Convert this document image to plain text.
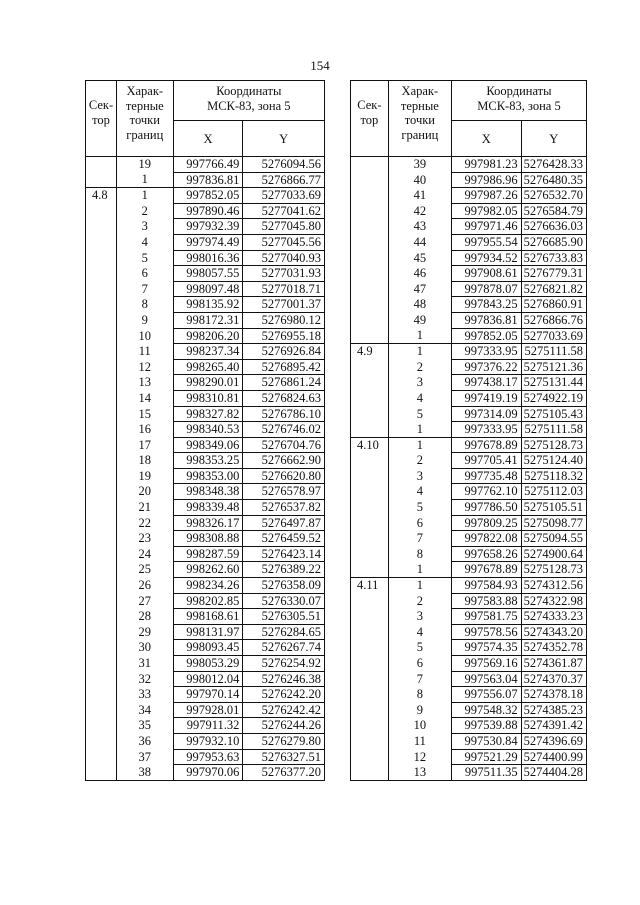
154
Сек-
тор	Харак-
терные
точки
границ	Координаты
МСК-83, зона 5	
		X	Y
	19	997766.49	5276094.56
	1	997836.81	5276866.77
4.8	1	997852.05	5277033.69
	2	997890.46	5277041.62
	3	997932.39	5277045.80
	4	997974.49	5277045.56
	5	998016.36	5277040.93
	6	998057.55	5277031.93
	7	998097.48	5277018.71
	8	998135.92	5277001.37
	9	998172.31	5276980.12
	10	998206.20	5276955.18
	11	998237.34	5276926.84
	12	998265.40	5276895.42
	13	998290.01	5276861.24
	14	998310.81	5276824.63
	15	998327.82	5276786.10
	16	998340.53	5276746.02
	17	998349.06	5276704.76
	18	998353.25	5276662.90
	19	998353.00	5276620.80
	20	998348.38	5276578.97
	21	998339.48	5276537.82
	22	998326.17	5276497.87
	23	998308.88	5276459.52
	24	998287.59	5276423.14
	25	998262.60	5276389.22
	26	998234.26	5276358.09
	27	998202.85	5276330.07
	28	998168.61	5276305.51
	29	998131.97	5276284.65
	30	998093.45	5276267.74
	31	998053.29	5276254.92
	32	998012.04	5276246.38
	33	997970.14	5276242.20
	34	997928.01	5276242.42
	35	997911.32	5276244.26
	36	997932.10	5276279.80
	37	997953.63	5276327.51
	38	997970.06	5276377.20
Сек-
тор	Харак-
терные
точки
границ	Координаты
МСК-83, зона 5	
		X	Y
	39	997981.23	5276428.33
	40	997986.96	5276480.35
	41	997987.26	5276532.70
	42	997982.05	5276584.79
	43	997971.46	5276636.03
	44	997955.54	5276685.90
	45	997934.52	5276733.83
	46	997908.61	5276779.31
	47	997878.07	5276821.82
	48	997843.25	5276860.91
	49	997836.81	5276866.76
	1	997852.05	5277033.69
4.9	1	997333.95	5275111.58
	2	997376.22	5275121.36
	3	997438.17	5275131.44
	4	997419.19	5274922.19
	5	997314.09	5275105.43
	1	997333.95	5275111.58
4.10	1	997678.89	5275128.73
	2	997705.41	5275124.40
	3	997735.48	5275118.32
	4	997762.10	5275112.03
	5	997786.50	5275105.51
	6	997809.25	5275098.77
	7	997822.08	5275094.55
	8	997658.26	5274900.64
	1	997678.89	5275128.73
4.11	1	997584.93	5274312.56
	2	997583.88	5274322.98
	3	997581.75	5274333.23
	4	997578.56	5274343.20
	5	997574.35	5274352.78
	6	997569.16	5274361.87
	7	997563.04	5274370.37
	8	997556.07	5274378.18
	9	997548.32	5274385.23
	10	997539.88	5274391.42
	11	997530.84	5274396.69
	12	997521.29	5274400.99
	13	997511.35	5274404.28
